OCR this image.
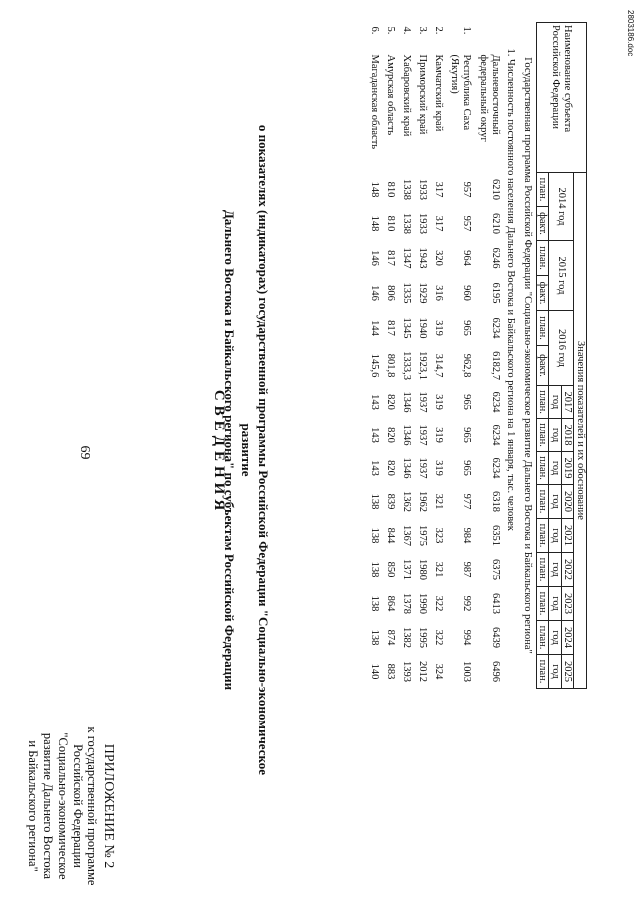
2803186.doc
69
ПРИЛОЖЕНИЕ № 2
к государственной программе
Российской Федерации
"Социально-экономическое
развитие Дальнего Востока
и Байкальского региона"
СВЕДЕНИЯ	о показателях (индикаторах) государственной программы Российской Федерации "Социально-экономическое развитие
Дальнего Востока и Байкальского региона" по субъектам Российской Федерации
Наименование субъекта Российской Федерации		Значения показателей и их обоснование														
		2014 год		2015 год		2016 год		2017	2018	2019	2020	2021	2022	2023	2024	2025
								год	год	год	год	год	год	год	год	год
		план.	факт.	план.	факт.	план.	факт.	план.	план.	план.	план.	план.	план.	план.	план.	план.
Государственная программа Российской Федерации "Социально-экономическое развитие Дальнего Востока и Байкальского региона"																
1. Численность постоянного населения Дальнего Востока и Байкальского региона на 1 января, тыс. человек																
	Дальневосточный федеральный округ	6210	6210	6246	6195	6234	6182,7	6234	6234	6234	6318	6351	6375	6413	6439	6496
1.	Республика Саха (Якутия)	957	957	964	960	965	962,8	965	965	965	977	984	987	992	994	1003
2.	Камчатский край	317	317	320	316	319	314,7	319	319	319	321	323	321	322	322	324
3.	Приморский край	1933	1933	1943	1929	1940	1923,1	1937	1937	1937	1962	1975	1980	1990	1995	2012
4.	Хабаровский край	1338	1338	1347	1335	1345	1333,3	1346	1346	1346	1362	1367	1371	1378	1382	1393
5.	Амурская область	810	810	817	806	817	801,8	820	820	820	839	844	850	864	874	883
6.	Магаданская область	148	148	146	146	144	145,6	143	143	143	138	138	138	138	138	140
